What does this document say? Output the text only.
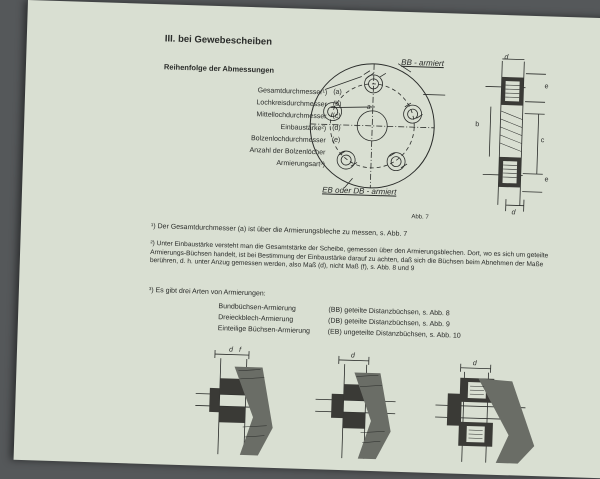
III. bei Gewebescheiben
Reihenfolge der Abmessungen
Gesamtdurchmesser¹) (a)
Lochkreisdurchmesser (b)
Mittellochdurchmesser (c)
Einbaustärke²) (d)
Bolzenlochdurchmesser (e)
Anzahl der Bolzenlöcher
Armierungsart³)
BB - armiert
EB oder DB - armiert
Abb. 7
a
d
e
b
c
e
d
¹) Der Gesamtdurchmesser (a) ist über die Armierungsbleche zu messen, s. Abb. 7
²) Unter Einbaustärke versteht man die Gesamtstärke der Scheibe, gemessen über den Armierungsblechen. Dort, wo es sich um geteilte Armierungs-Büchsen handelt, ist bei Bestimmung der Einbaustärke darauf zu achten, daß sich die Büchsen beim Abnehmen der Maße berühren, d. h. unter Anzug gemessen werden, also Maß (d), nicht Maß (f), s. Abb. 8 und 9
³) Es gibt drei Arten von Armierungen:
Bundbüchsen-Armierung	(BB) geteilte Distanzbüchsen, s. Abb. 8
Dreieckblech-Armierung	(DB) geteilte Distanzbüchsen, s. Abb. 9
Einteilige Büchsen-Armierung	(EB) ungeteilte Distanzbüchsen, s. Abb. 10
d f
d
d
